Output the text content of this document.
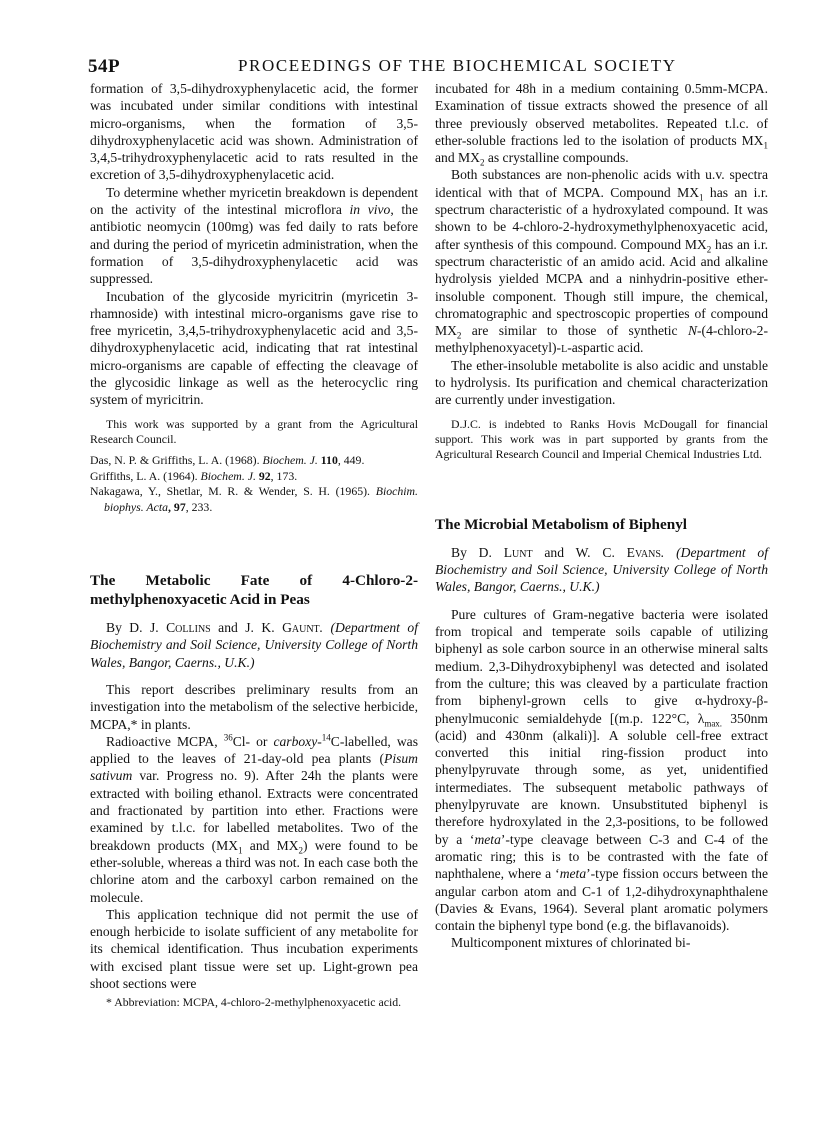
54P	PROCEEDINGS OF THE BIOCHEMICAL SOCIETY

formation of 3,5-dihydroxyphenylacetic acid, the former was incubated under similar conditions with intestinal micro-organisms, when the formation of 3,5-dihydroxyphenylacetic acid was shown. Administration of 3,4,5-trihydroxyphenylacetic acid to rats resulted in the excretion of 3,5-dihydroxyphenylacetic acid.

To determine whether myricetin breakdown is dependent on the activity of the intestinal microflora in vivo, the antibiotic neomycin (100mg) was fed daily to rats before and during the period of myricetin administration, when the formation of 3,5-dihydroxyphenylacetic acid was suppressed.

Incubation of the glycoside myricitrin (myricetin 3-rhamnoside) with intestinal micro-organisms gave rise to free myricetin, 3,4,5-trihydroxyphenylacetic acid and 3,5-dihydroxyphenylacetic acid, indicating that rat intestinal micro-organisms are capable of effecting the cleavage of the glycosidic linkage as well as the heterocyclic ring system of myricitrin.

This work was supported by a grant from the Agricultural Research Council.

Das, N. P. & Griffiths, L. A. (1968). Biochem. J. 110, 449.

Griffiths, L. A. (1964). Biochem. J. 92, 173.

Nakagawa, Y., Shetlar, M. R. & Wender, S. H. (1965). Biochim. biophys. Acta, 97, 233.

The Metabolic Fate of 4-Chloro-2-methylphenoxyacetic Acid in Peas

By D. J. Collins and J. K. Gaunt. (Department of Biochemistry and Soil Science, University College of North Wales, Bangor, Caerns., U.K.)

This report describes preliminary results from an investigation into the metabolism of the selective herbicide, MCPA,* in plants.

Radioactive MCPA, $^{36}$Cl- or carboxy-$^{14}$C-labelled, was applied to the leaves of 21-day-old pea plants (Pisum sativum var. Progress no. 9). After 24h the plants were extracted with boiling ethanol. Extracts were concentrated and fractionated by partition into ether. Fractions were examined by t.l.c. for labelled metabolites. Two of the breakdown products ($MX_1$ and $MX_2$) were found to be ether-soluble, whereas a third was not. In each case both the chlorine atom and the carboxyl carbon remained on the molecule.

This application technique did not permit the use of enough herbicide to isolate sufficient of any metabolite for its chemical identification. Thus incubation experiments with excised plant tissue were set up. Light-grown pea shoot sections were

* Abbreviation: MCPA, 4-chloro-2-methylphenoxyacetic acid.

incubated for 48h in a medium containing 0.5mm-MCPA. Examination of tissue extracts showed the presence of all three previously observed metabolites. Repeated t.l.c. of ether-soluble fractions led to the isolation of products $MX_1$ and $MX_2$ as crystalline compounds.

Both substances are non-phenolic acids with u.v. spectra identical with that of MCPA. Compound $MX_1$ has an i.r. spectrum characteristic of a hydroxylated compound. It was shown to be 4-chloro-2-hydroxymethylphenoxyacetic acid, after synthesis of this compound. Compound $MX_2$ has an i.r. spectrum characteristic of an amido acid. Acid and alkaline hydrolysis yielded MCPA and a ninhydrin-positive ether-insoluble component. Though still impure, the chemical, chromatographic and spectroscopic properties of compound $MX_2$ are similar to those of synthetic N-(4-chloro-2-methylphenoxyacetyl)-l-aspartic acid.

The ether-insoluble metabolite is also acidic and unstable to hydrolysis. Its purification and chemical characterization are currently under investigation.

D.J.C. is indebted to Ranks Hovis McDougall for financial support. This work was in part supported by grants from the Agricultural Research Council and Imperial Chemical Industries Ltd.

The Microbial Metabolism of Biphenyl

By D. Lunt and W. C. Evans. (Department of Biochemistry and Soil Science, University College of North Wales, Bangor, Caerns., U.K.)

Pure cultures of Gram-negative bacteria were isolated from tropical and temperate soils capable of utilizing biphenyl as sole carbon source in an otherwise mineral salts medium. 2,3-Dihydroxybiphenyl was detected and isolated from the culture; this was cleaved by a particulate fraction from biphenyl-grown cells to give α-hydroxy-β-phenylmuconic semialdehyde [(m.p. 122°C, $\lambda_{max.}$ 350nm (acid) and 430nm (alkali)]. A soluble cell-free extract converted this initial ring-fission product into phenylpyruvate through some, as yet, unidentified intermediates. The subsequent metabolic pathways of phenylpyruvate are known. Unsubstituted biphenyl is therefore hydroxylated in the 2,3-positions, to be followed by a ‘meta’-type cleavage between C-3 and C-4 of the aromatic ring; this is to be contrasted with the fate of naphthalene, where a ‘meta’-type fission occurs between the angular carbon atom and C-1 of 1,2-dihydroxynaphthalene (Davies & Evans, 1964). Several plant aromatic polymers contain the biphenyl type bond (e.g. the biflavanoids).

Multicomponent mixtures of chlorinated bi-
